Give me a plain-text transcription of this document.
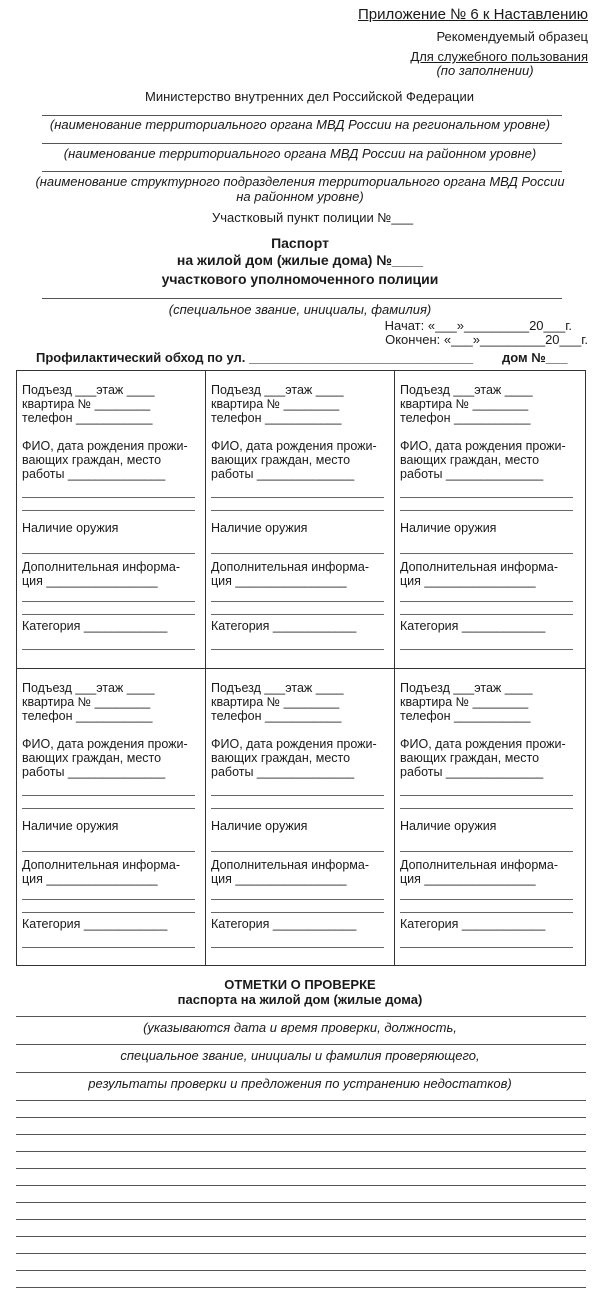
Приложение № 6 к Наставлению
Рекомендуемый образец
Для служебного пользования
(по заполнении)
Министерство внутренних дел Российской Федерации
(наименование территориального органа МВД России на региональном уровне)
(наименование территориального органа МВД России на районном уровне)
(наименование структурного подразделения территориального органа МВД России
на районном уровне)
Участковый пункт полиции №___
Паспорт
на жилой дом (жилые дома) №____
участкового уполномоченного полиции
(специальное звание, инициалы, фамилия)
Начат: «___»_________20___г.
Окончен: «___»_________20___г.
Профилактический обход по ул. _______________________________ дом №___
Подъезд ___этаж ____
квартира № ________
телефон ___________
ФИО, дата рождения прожи-
вающих граждан, место
работы ______________
Наличие оружия
Дополнительная информа-
ция ________________
Категория ____________
Подъезд ___этаж ____
квартира № ________
телефон ___________
ФИО, дата рождения прожи-
вающих граждан, место
работы ______________
Наличие оружия
Дополнительная информа-
ция ________________
Категория ____________
Подъезд ___этаж ____
квартира № ________
телефон ___________
ФИО, дата рождения прожи-
вающих граждан, место
работы ______________
Наличие оружия
Дополнительная информа-
ция ________________
Категория ____________
Подъезд ___этаж ____
квартира № ________
телефон ___________
ФИО, дата рождения прожи-
вающих граждан, место
работы ______________
Наличие оружия
Дополнительная информа-
ция ________________
Категория ____________
Подъезд ___этаж ____
квартира № ________
телефон ___________
ФИО, дата рождения прожи-
вающих граждан, место
работы ______________
Наличие оружия
Дополнительная информа-
ция ________________
Категория ____________
Подъезд ___этаж ____
квартира № ________
телефон ___________
ФИО, дата рождения прожи-
вающих граждан, место
работы ______________
Наличие оружия
Дополнительная информа-
ция ________________
Категория ____________
ОТМЕТКИ О ПРОВЕРКЕ
паспорта на жилой дом (жилые дома)
(указываются дата и время проверки, должность,
специальное звание, инициалы и фамилия проверяющего,
результаты проверки и предложения по устранению недостатков)
